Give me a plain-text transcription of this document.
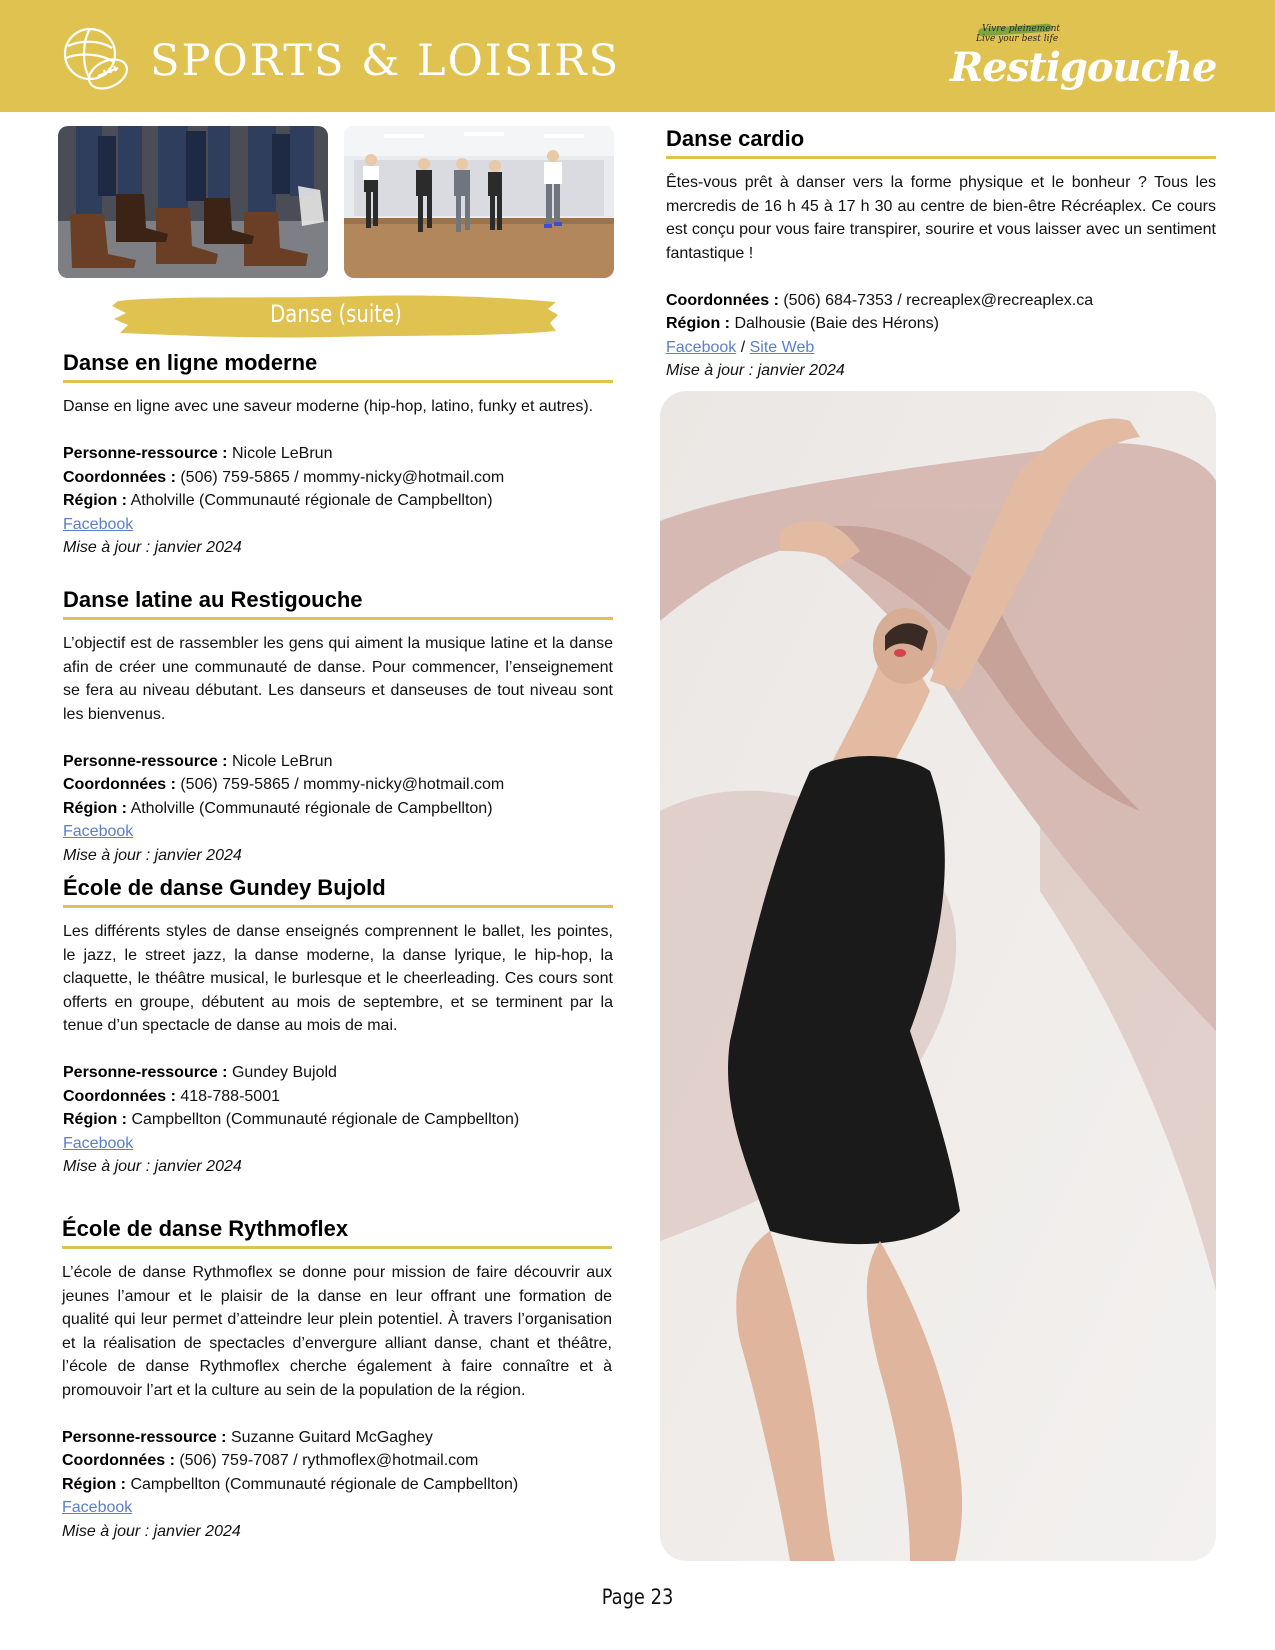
SPORTS & LOISIRS
Vivre pleinement
Live your best life
Restigouche
Danse (suite)
Danse en ligne moderne
Danse en ligne avec une saveur moderne (hip-hop, latino, funky et autres).
Personne-ressource : Nicole LeBrun
Coordonnées : (506) 759-5865 / mommy-nicky@hotmail.com
Région : Atholville (Communauté régionale de Campbellton)
Facebook
Mise à jour : janvier 2024
Danse latine au Restigouche
L’objectif est de rassembler les gens qui aiment la musique latine et la danse afin de créer une communauté de danse. Pour commencer, l’enseignement se fera au niveau débutant. Les danseurs et danseuses de tout niveau sont les bienvenus.
Personne-ressource : Nicole LeBrun
Coordonnées : (506) 759-5865 / mommy-nicky@hotmail.com
Région : Atholville (Communauté régionale de Campbellton)
Facebook
Mise à jour : janvier 2024
École de danse Gundey Bujold
Les différents styles de danse enseignés comprennent le ballet, les pointes, le jazz, le street jazz, la danse moderne, la danse lyrique, le hip-hop, la claquette, le théâtre musical, le burlesque et le cheerleading. Ces cours sont offerts en groupe, débutent au mois de septembre, et se terminent par la tenue d’un spectacle de danse au mois de mai.
Personne-ressource : Gundey Bujold
Coordonnées : 418-788-5001
Région : Campbellton (Communauté régionale de Campbellton)
Facebook
Mise à jour : janvier 2024
École de danse Rythmoflex
L’école de danse Rythmoflex se donne pour mission de faire découvrir aux jeunes l’amour et le plaisir de la danse en leur offrant une formation de qualité qui leur permet d’atteindre leur plein potentiel. À travers l’organisation et la réalisation de spectacles d’envergure alliant danse, chant et théâtre, l’école de danse Rythmoflex cherche également à faire connaître et à promouvoir l’art et la culture au sein de la population de la région.
Personne-ressource : Suzanne Guitard McGaghey
Coordonnées : (506) 759-7087 / rythmoflex@hotmail.com
Région : Campbellton (Communauté régionale de Campbellton)
Facebook
Mise à jour : janvier 2024
Danse cardio
Êtes-vous prêt à danser vers la forme physique et le bonheur ? Tous les mercredis de 16 h 45 à 17 h 30 au centre de bien-être Récréaplex. Ce cours est conçu pour vous faire transpirer, sourire et vous laisser avec un sentiment fantastique !
Coordonnées : (506) 684-7353 / recreaplex@recreaplex.ca
Région : Dalhousie (Baie des Hérons)
Facebook / Site Web
Mise à jour : janvier 2024
Page 23
